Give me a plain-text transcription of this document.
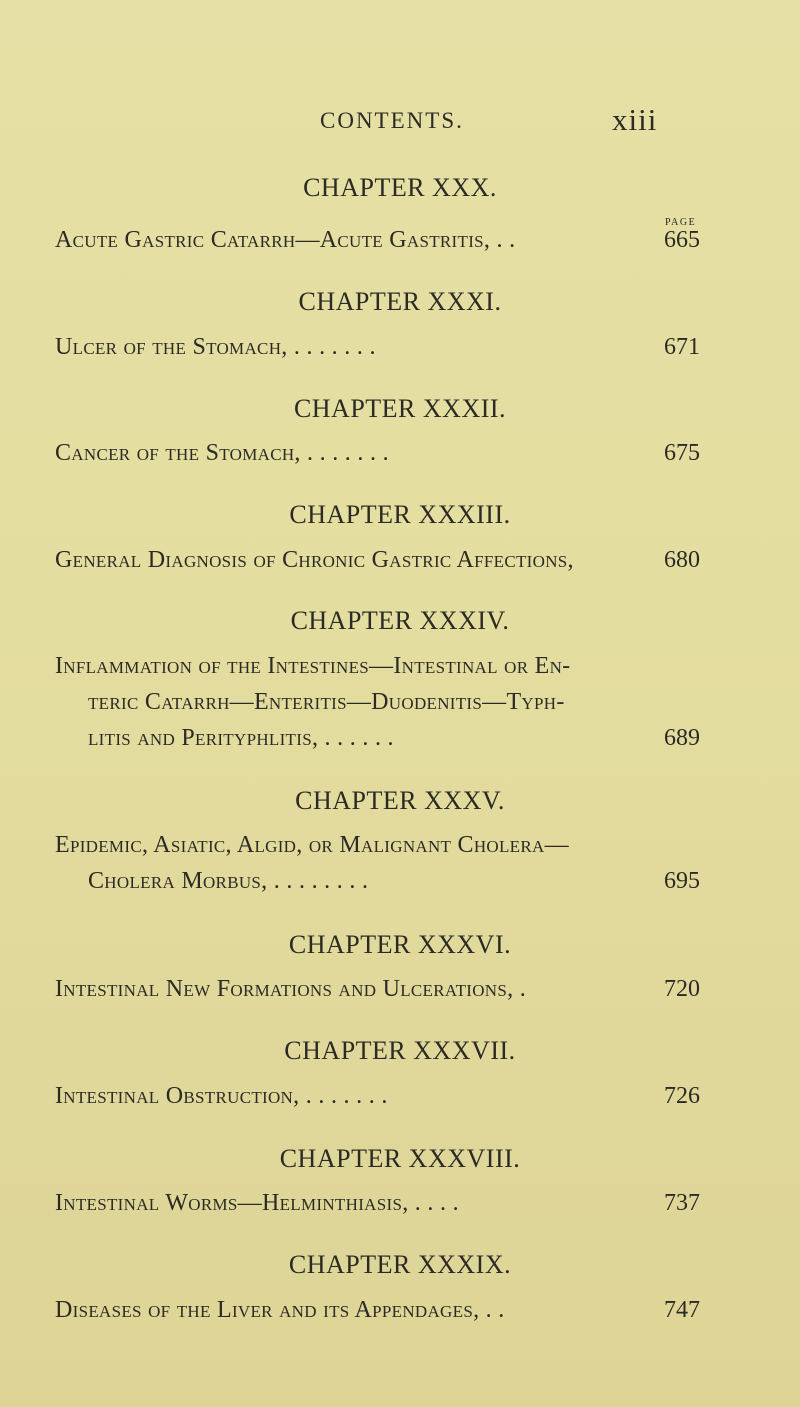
CONTENTS.	xiii
CHAPTER XXX.
PAGE
Acute Gastric Catarrh—Acute Gastritis, . .	665
CHAPTER XXXI.
Ulcer of the Stomach, . . . . . . .	671
CHAPTER XXXII.
Cancer of the Stomach, . . . . . . .	675
CHAPTER XXXIII.
General Diagnosis of Chronic Gastric Affections,	680
CHAPTER XXXIV.
Inflammation of the Intestines—Intestinal or En-
teric Catarrh—Enteritis—Duodenitis—Typh-
litis and Perityphlitis, . . . . . .	689
CHAPTER XXXV.
Epidemic, Asiatic, Algid, or Malignant Cholera—
Cholera Morbus, . . . . . . . .	695
CHAPTER XXXVI.
Intestinal New Formations and Ulcerations, .	720
CHAPTER XXXVII.
Intestinal Obstruction, . . . . . . .	726
CHAPTER XXXVIII.
Intestinal Worms—Helminthiasis, . . . .	737
CHAPTER XXXIX.
Diseases of the Liver and its Appendages, . .	747
